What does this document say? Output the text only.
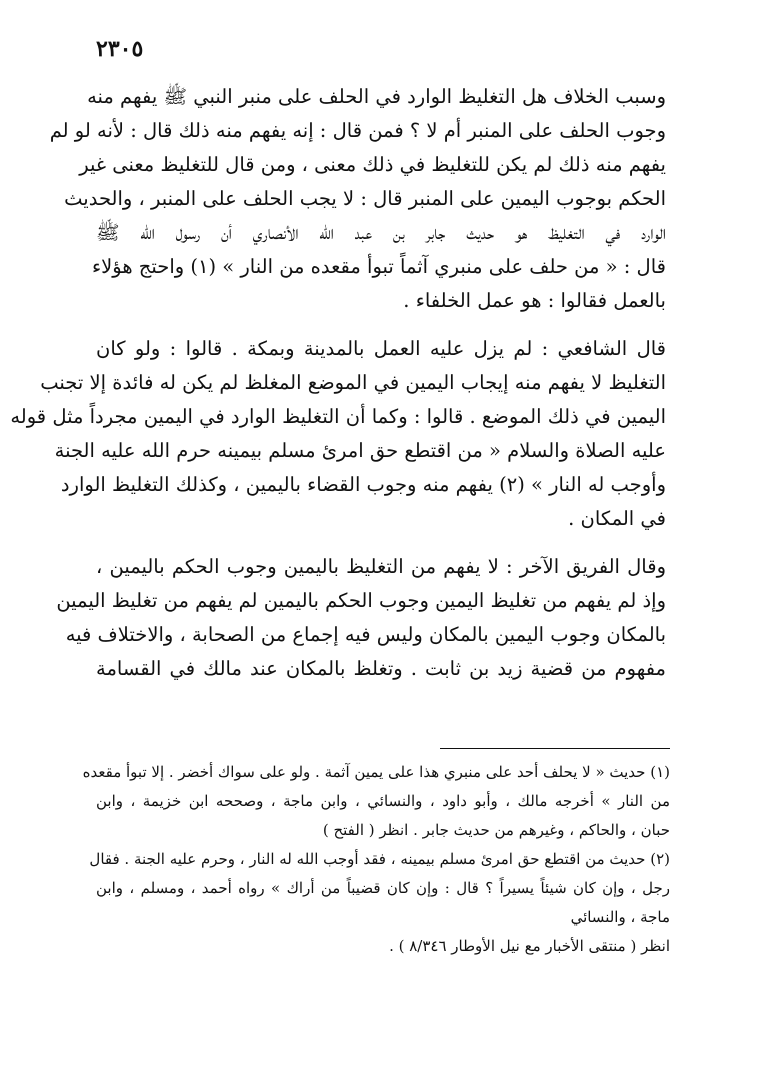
٢٣٠٥
وسبب الخلاف هل التغليظ الوارد في الحلف على منبر النبي ﷺ يفهم منه
وجوب الحلف على المنبر أم لا ؟ فمن قال : إنه يفهم منه ذلك قال : لأنه لو لم
يفهم منه ذلك لم يكن للتغليظ في ذلك معنى ، ومن قال للتغليظ معنى غير
الحكم بوجوب اليمين على المنبر قال : لا يجب الحلف على المنبر ، والحديث
الوارد في التغليظ هو حديث جابر بن عبد الله الأنصاري أن رسول الله ﷺ
قال : « من حلف على منبري آثماً تبوأ مقعده من النار » (١) واحتج هؤلاء
بالعمل فقالوا : هو عمل الخلفاء .
قال الشافعي : لم يزل عليه العمل بالمدينة وبمكة . قالوا : ولو كان
التغليظ لا يفهم منه إيجاب اليمين في الموضع المغلظ لم يكن له فائدة إلا تجنب
اليمين في ذلك الموضع . قالوا : وكما أن التغليظ الوارد في اليمين مجرداً مثل قوله
عليه الصلاة والسلام « من اقتطع حق امرئ مسلم بيمينه حرم الله عليه الجنة
وأوجب له النار » (٢) يفهم منه وجوب القضاء باليمين ، وكذلك التغليظ الوارد
في المكان .
وقال الفريق الآخر : لا يفهم من التغليظ باليمين وجوب الحكم باليمين ،
وإذ لم يفهم من تغليظ اليمين وجوب الحكم باليمين لم يفهم من تغليظ اليمين
بالمكان وجوب اليمين بالمكان وليس فيه إجماع من الصحابة ، والاختلاف فيه
مفهوم من قضية زيد بن ثابت . وتغلظ بالمكان عند مالك في القسامة
(١) حديث « لا يحلف أحد على منبري هذا على يمين آثمة . ولو على سواك أخضر . إلا تبوأ مقعده
من النار » أخرجه مالك ، وأبو داود ، والنسائي ، وابن ماجة ، وصححه ابن خزيمة ، وابن
حبان ، والحاكم ، وغيرهم من حديث جابر . انظر ( الفتح )
(٢) حديث من اقتطع حق امرئ مسلم بيمينه ، فقد أوجب الله له النار ، وحرم عليه الجنة . فقال
رجل ، وإن كان شيئاً يسيراً ؟ قال : وإن كان قضيباً من أراك » رواه أحمد ، ومسلم ، وابن
ماجة ، والنسائي
انظر ( منتقى الأخبار مع نيل الأوطار ٨/٣٤٦ ) .
